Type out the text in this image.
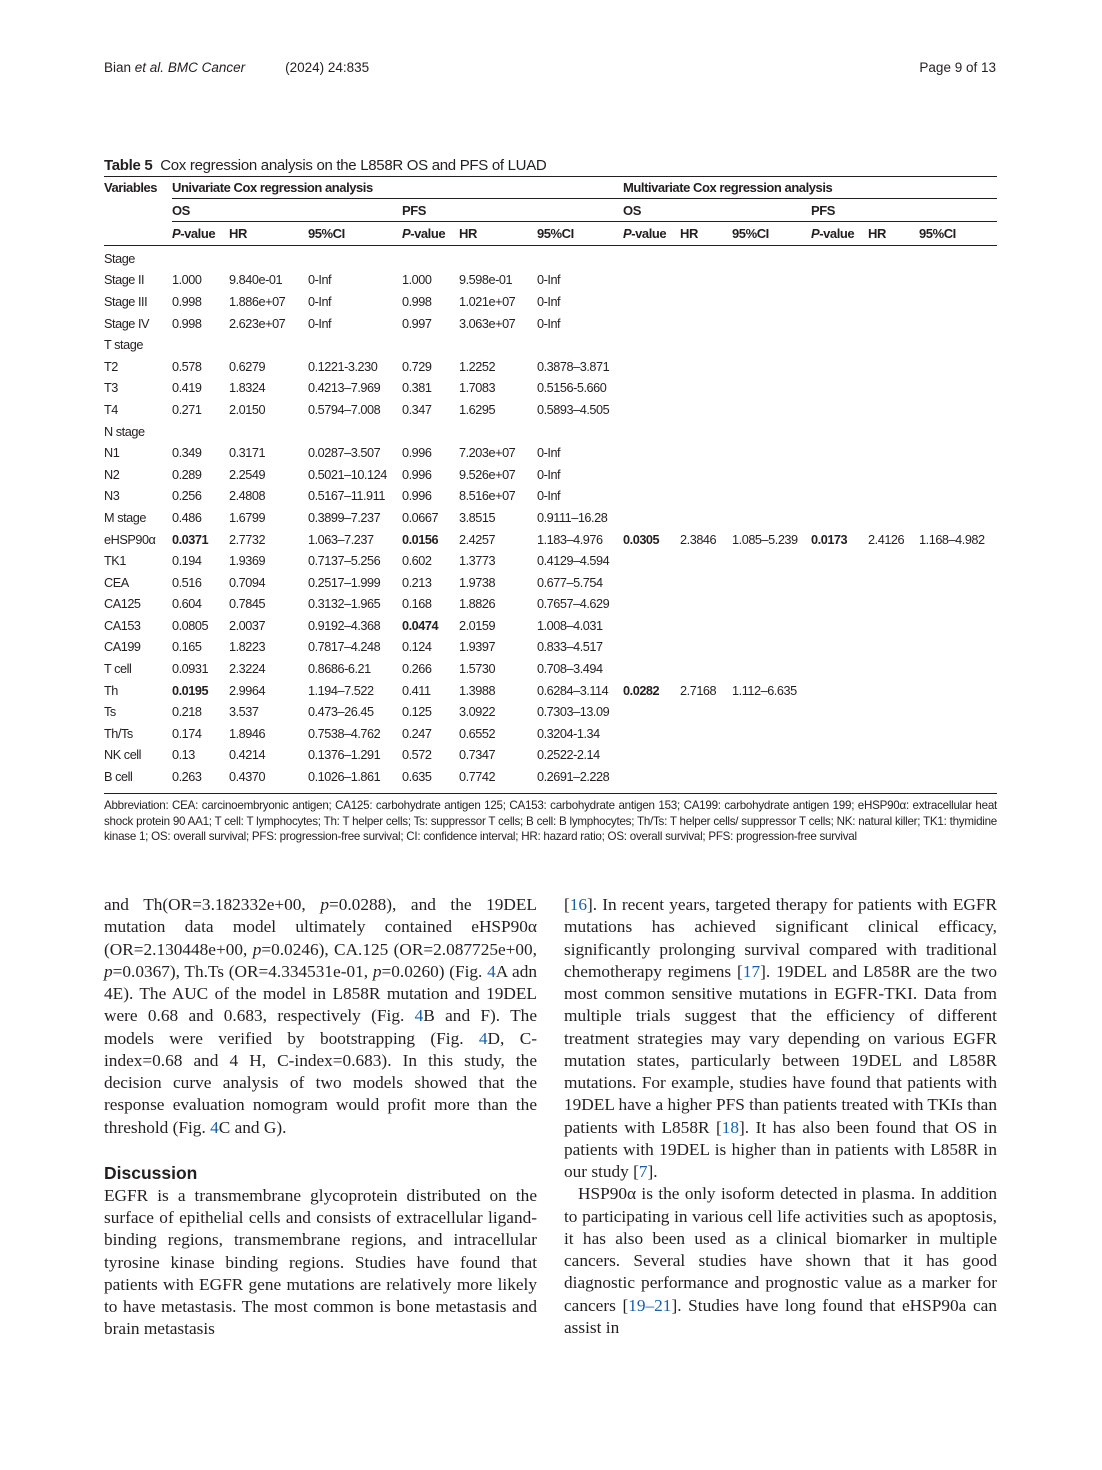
Bian et al. BMC Cancer	(2024) 24:835	Page 9 of 13
Table 5 Cox regression analysis on the L858R OS and PFS of LUAD
Variables	Univariate Cox regression analysis						Multivariate Cox regression analysis					
	OS			PFS			OS			PFS		
	P-value	HR	95%CI	P-value	HR	95%CI	P-value	HR	95%CI	P-value	HR	95%CI
Stage												
Stage II	1.000	9.840e-01	0-Inf	1.000	9.598e-01	0-Inf						
Stage III	0.998	1.886e+07	0-Inf	0.998	1.021e+07	0-Inf						
Stage IV	0.998	2.623e+07	0-Inf	0.997	3.063e+07	0-Inf						
T stage												
T2	0.578	0.6279	0.1221-3.230	0.729	1.2252	0.3878–3.871						
T3	0.419	1.8324	0.4213–7.969	0.381	1.7083	0.5156-5.660						
T4	0.271	2.0150	0.5794–7.008	0.347	1.6295	0.5893–4.505						
N stage												
N1	0.349	0.3171	0.0287–3.507	0.996	7.203e+07	0-Inf						
N2	0.289	2.2549	0.5021–10.124	0.996	9.526e+07	0-Inf						
N3	0.256	2.4808	0.5167–11.911	0.996	8.516e+07	0-Inf						
M stage	0.486	1.6799	0.3899–7.237	0.0667	3.8515	0.9111–16.28						
eHSP90α	0.0371	2.7732	1.063–7.237	0.0156	2.4257	1.183–4.976	0.0305	2.3846	1.085–5.239	0.0173	2.4126	1.168–4.982
TK1	0.194	1.9369	0.7137–5.256	0.602	1.3773	0.4129–4.594						
CEA	0.516	0.7094	0.2517–1.999	0.213	1.9738	0.677–5.754						
CA125	0.604	0.7845	0.3132–1.965	0.168	1.8826	0.7657–4.629						
CA153	0.0805	2.0037	0.9192–4.368	0.0474	2.0159	1.008–4.031						
CA199	0.165	1.8223	0.7817–4.248	0.124	1.9397	0.833–4.517						
T cell	0.0931	2.3224	0.8686-6.21	0.266	1.5730	0.708–3.494						
Th	0.0195	2.9964	1.194–7.522	0.411	1.3988	0.6284–3.114	0.0282	2.7168	1.112–6.635			
Ts	0.218	3.537	0.473–26.45	0.125	3.0922	0.7303–13.09						
Th/Ts	0.174	1.8946	0.7538–4.762	0.247	0.6552	0.3204-1.34						
NK cell	0.13	0.4214	0.1376–1.291	0.572	0.7347	0.2522-2.14						
B cell	0.263	0.4370	0.1026–1.861	0.635	0.7742	0.2691–2.228						
Abbreviation: CEA: carcinoembryonic antigen; CA125: carbohydrate antigen 125; CA153: carbohydrate antigen 153; CA199: carbohydrate antigen 199; eHSP90α: extracellular heat shock protein 90 AA1; T cell: T lymphocytes; Th: T helper cells; Ts: suppressor T cells; B cell: B lymphocytes; Th/Ts: T helper cells/ suppressor T cells; NK: natural killer; TK1: thymidine kinase 1; OS: overall survival; PFS: progression-free survival; CI: confidence interval; HR: hazard ratio; OS: overall survival; PFS: progression-free survival

and Th(OR=3.182332e+00, p=0.0288), and the 19DEL mutation data model ultimately contained eHSP90α (OR=2.130448e+00, p=0.0246), CA.125 (OR=2.087725e+00, p=0.0367), Th.Ts (OR=4.334531e-01, p=0.0260) (Fig. 4A adn 4E). The AUC of the model in L858R mutation and 19DEL were 0.68 and 0.683, respectively (Fig. 4B and F). The models were verified by bootstrapping (Fig. 4D, C-index=0.68 and 4 H, C-index=0.683). In this study, the decision curve analysis of two models showed that the response evaluation nomogram would profit more than the threshold (Fig. 4C and G).

Discussion

EGFR is a transmembrane glycoprotein distributed on the surface of epithelial cells and consists of extracellular ligand-binding regions, transmembrane regions, and intracellular tyrosine kinase binding regions. Studies have found that patients with EGFR gene mutations are relatively more likely to have metastasis. The most common is bone metastasis and brain metastasis

[16]. In recent years, targeted therapy for patients with EGFR mutations has achieved significant clinical efficacy, significantly prolonging survival compared with traditional chemotherapy regimens [17]. 19DEL and L858R are the two most common sensitive mutations in EGFR-TKI. Data from multiple trials suggest that the efficiency of different treatment strategies may vary depending on various EGFR mutation states, particularly between 19DEL and L858R mutations. For example, studies have found that patients with 19DEL have a higher PFS than patients treated with TKIs than patients with L858R [18]. It has also been found that OS in patients with 19DEL is higher than in patients with L858R in our study [7].

HSP90α is the only isoform detected in plasma. In addition to participating in various cell life activities such as apoptosis, it has also been used as a clinical biomarker in multiple cancers. Several studies have shown that it has good diagnostic performance and prognostic value as a marker for cancers [19–21]. Studies have long found that eHSP90a can assist in
